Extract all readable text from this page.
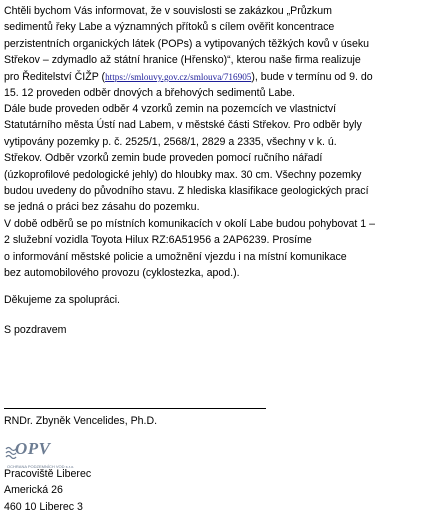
Chtěli bychom Vás informovat, že v souvislosti se zakázkou „Průzkum

sedimentů řeky Labe a významných přítoků s cílem ověřit koncentrace

perzistentních organických látek (POPs) a vytipovaných těžkých kovů v úseku

Střekov – zdymadlo až státní hranice (Hřensko)“, kterou naše firma realizuje

pro Ředitelství ČIŽP (https://smlouvy.gov.cz/smlouva/716905), bude v termínu od 9. do

15. 12 proveden odběr dnových a břehových sedimentů Labe.

Dále bude proveden odběr 4 vzorků zemin na pozemcích ve vlastnictví

Statutárního města Ústí nad Labem, v městské části Střekov. Pro odběr byly

vytipovány pozemky p. č. 2525/1, 2568/1, 2829 a 2335, všechny v k. ú.

Střekov. Odběr vzorků zemin bude proveden pomocí ručního nářadí

(úzkoprofilové pedologické jehly) do hloubky max. 30 cm. Všechny pozemky

budou uvedeny do původního stavu. Z hlediska klasifikace geologických prací

se jedná o práci bez zásahu do pozemku.

V době odběrů se po místních komunikacích v okolí Labe budou pohybovat 1 –

2 služební vozidla Toyota Hilux RZ:6A51956 a 2AP6239. Prosíme

o informování městské policie a umožnění vjezdu i na místní komunikace

bez automobilového provozu (cyklostezka, apod.).

Děkujeme za spolupráci.

S pozdravem

RNDr. Zbyněk Vencelides, Ph.D.

OPV
OCHRANA PODZEMNÍCH VOD s.r.o.

Pracoviště Liberec

Americká 26

460 10 Liberec 3
